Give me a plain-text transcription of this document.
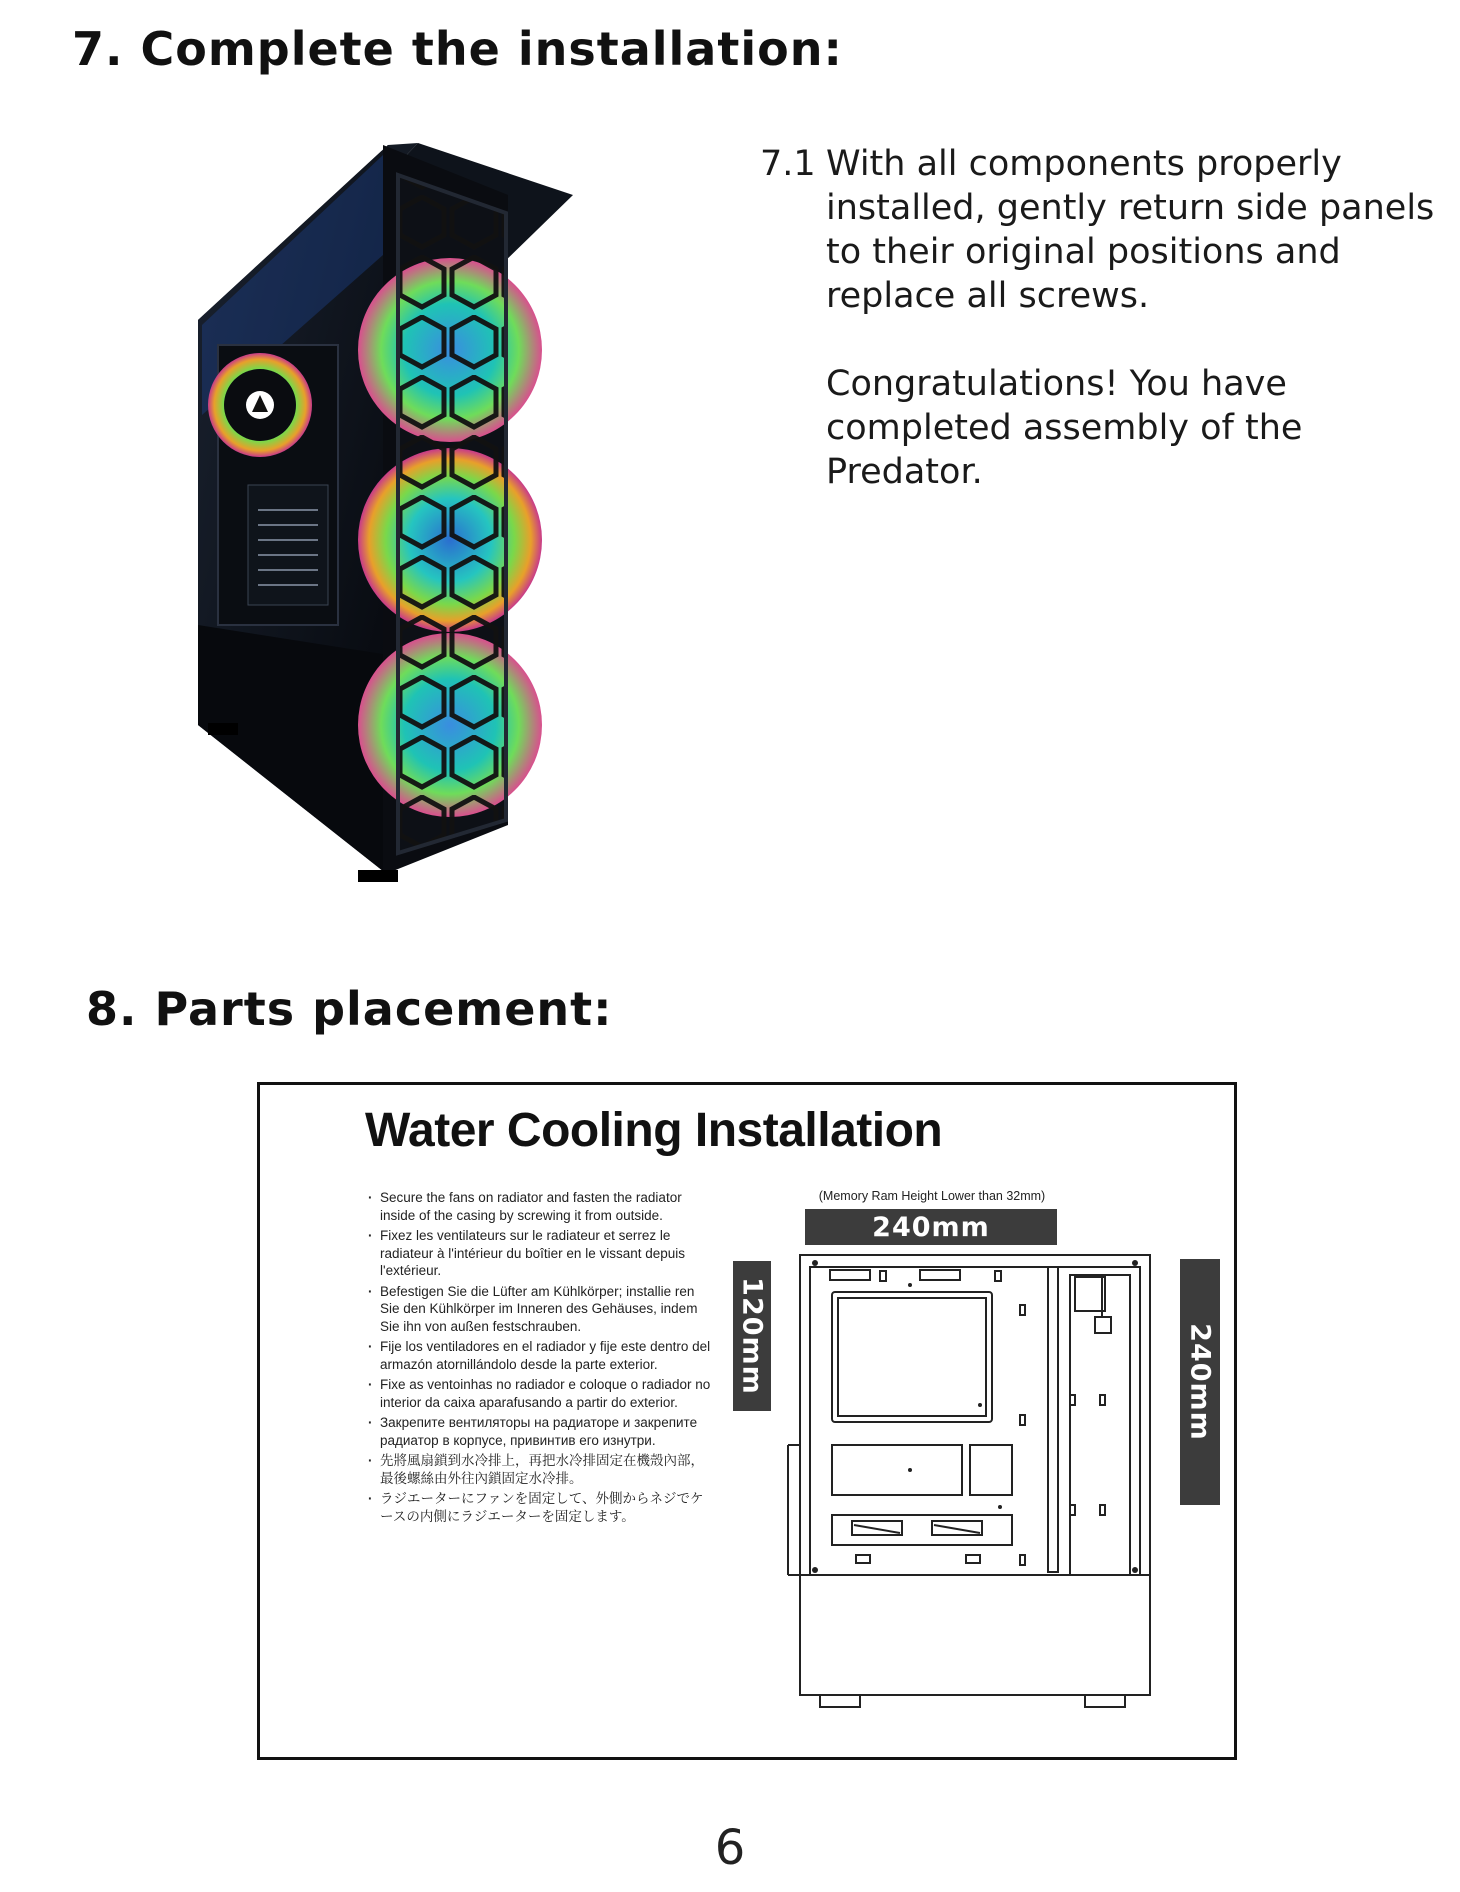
7. Complete the installation:
7.1 With all components properly installed, gently return side panels to their original positions and replace all screws.
Congratulations! You have completed assembly of the Predator.
8. Parts placement:
Water Cooling Installation
· Secure the fans on radiator and fasten the radiator inside of the casing by screwing it from outside.
· Fixez les ventilateurs sur le radiateur et serrez le radiateur à l'intérieur du boîtier en le vissant depuis l'extérieur.
· Befestigen Sie die Lüfter am Kühlkörper; installie ren Sie den Kühlkörper im Inneren des Gehäuses, indem Sie ihn von außen festschrauben.
· Fije los ventiladores en el radiador y fije este dentro del armazón atornillándolo desde la parte exterior.
· Fixe as ventoinhas no radiador e coloque o radiador no interior da caixa aparafusando a partir do exterior.
· Закрепите вентиляторы на радиаторе и закрепите радиатор в корпусе, привинтив его изнутри.
· 先將風扇鎖到水冷排上，再把水冷排固定在機殼內部，最後螺絲由外往內鎖固定水冷排。
· ラジエーターにファンを固定して、外側からネジでケースの内側にラジエーターを固定します。
(Memory Ram Height Lower than 32mm)
240mm
120mm	240mm
6
